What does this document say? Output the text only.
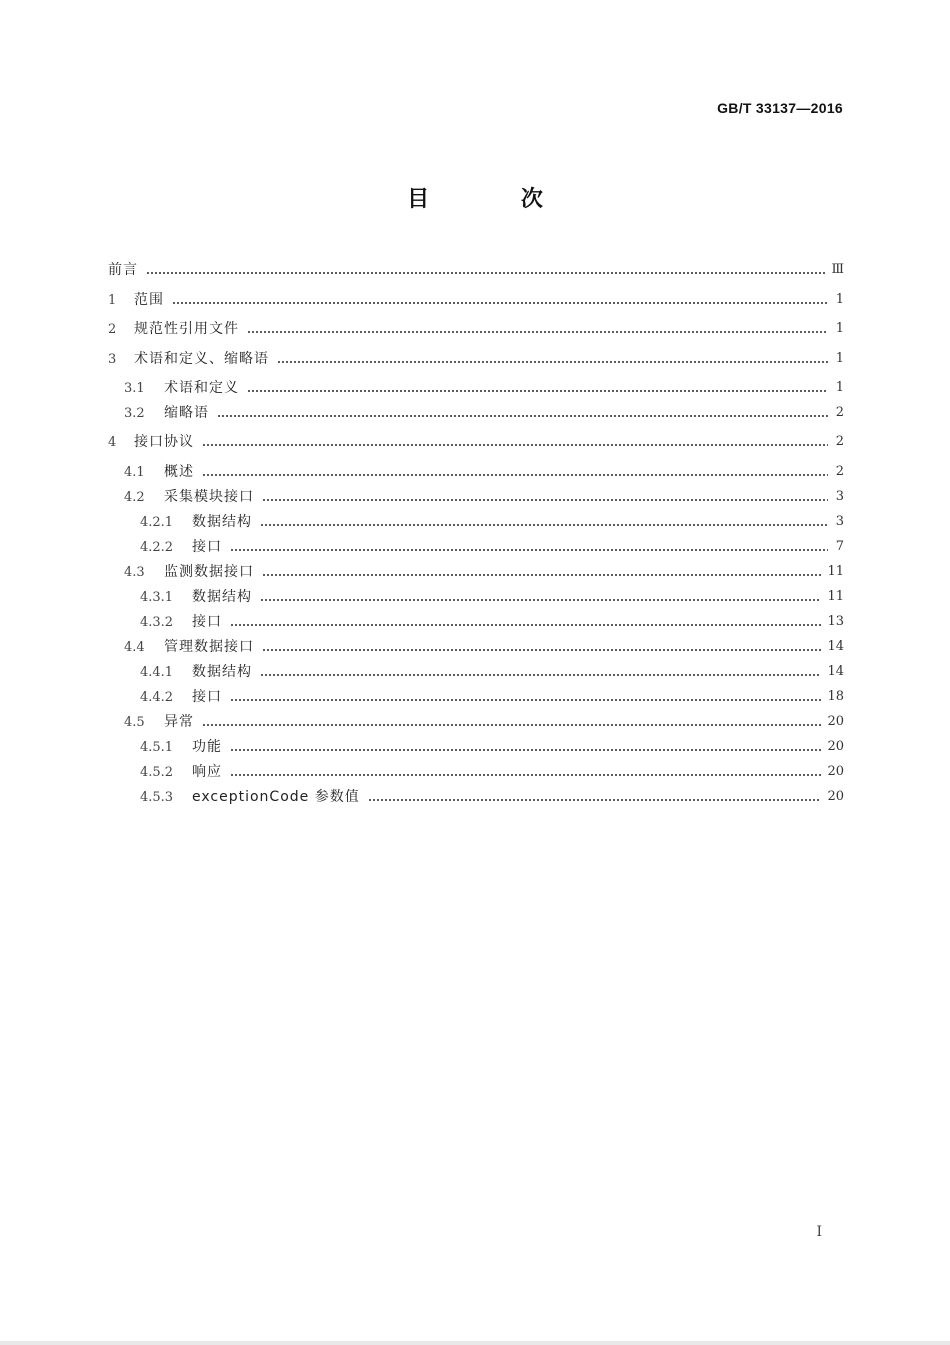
GB/T 33137—2016
目 次
前言	Ⅲ
1 范围	1
2 规范性引用文件	1
3 术语和定义、缩略语	1
3.1 术语和定义	1
3.2 缩略语	2
4 接口协议	2
4.1 概述	2
4.2 采集模块接口	3
4.2.1 数据结构	3
4.2.2 接口	7
4.3 监测数据接口	11
4.3.1 数据结构	11
4.3.2 接口	13
4.4 管理数据接口	14
4.4.1 数据结构	14
4.4.2 接口	18
4.5 异常	20
4.5.1 功能	20
4.5.2 响应	20
4.5.3 exceptionCode 参数值	20
I
